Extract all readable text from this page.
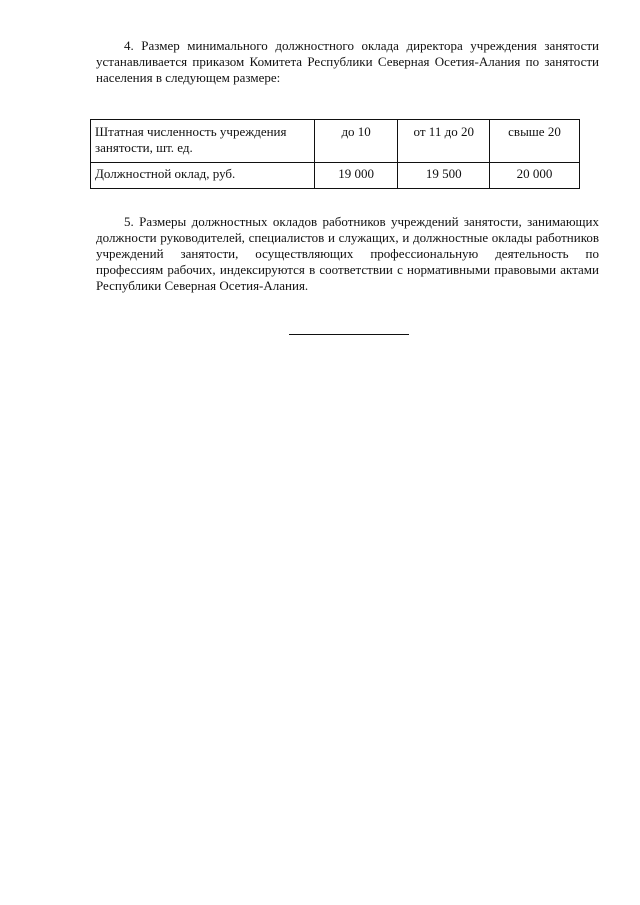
4. Размер минимального должностного оклада директора учреждения занятости устанавливается приказом Комитета Республики Северная Осетия-Алания по занятости населения в следующем размере:

Штатная численность учреждения занятости, шт. ед.	до 10	от 11 до 20	свыше 20
Должностной оклад, руб.	19 000	19 500	20 000

5. Размеры должностных окладов работников учреждений занятости, занимающих должности руководителей, специалистов и служащих, и должностные оклады работников учреждений занятости, осуществляющих профессиональную деятельность по профессиям рабочих, индексируются в соответствии с нормативными правовыми актами Республики Северная Осетия-Алания.
